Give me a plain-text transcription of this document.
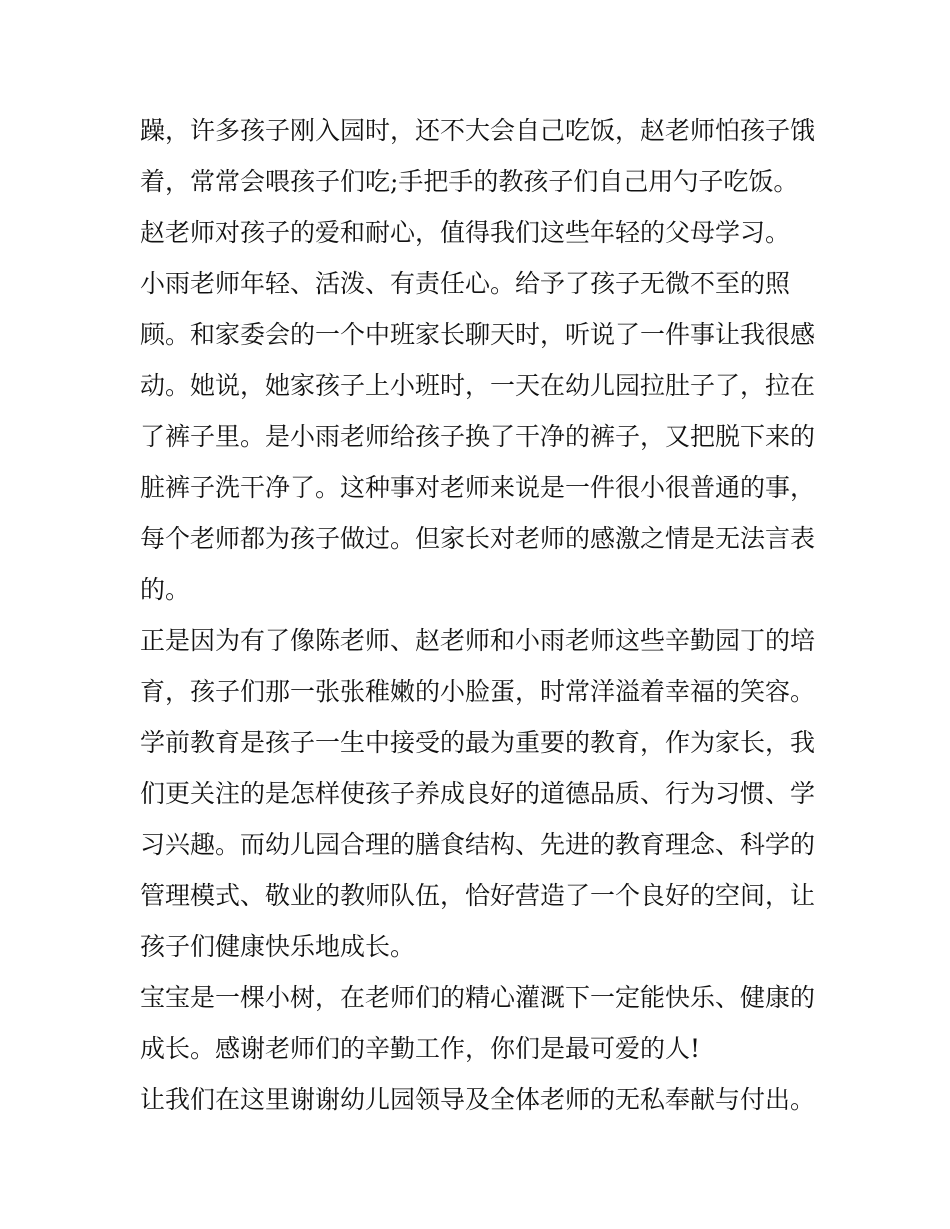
躁，许多孩子刚入园时，还不大会自己吃饭，赵老师怕孩子饿
着，常常会喂孩子们吃;手把手的教孩子们自己用勺子吃饭。
赵老师对孩子的爱和耐心，值得我们这些年轻的父母学习。
小雨老师年轻、活泼、有责任心。给予了孩子无微不至的照
顾。和家委会的一个中班家长聊天时，听说了一件事让我很感
动。她说，她家孩子上小班时，一天在幼儿园拉肚子了，拉在
了裤子里。是小雨老师给孩子换了干净的裤子，又把脱下来的
脏裤子洗干净了。这种事对老师来说是一件很小很普通的事，
每个老师都为孩子做过。但家长对老师的感激之情是无法言表
的。
正是因为有了像陈老师、赵老师和小雨老师这些辛勤园丁的培
育，孩子们那一张张稚嫩的小脸蛋，时常洋溢着幸福的笑容。
学前教育是孩子一生中接受的最为重要的教育，作为家长，我
们更关注的是怎样使孩子养成良好的道德品质、行为习惯、学
习兴趣。而幼儿园合理的膳食结构、先进的教育理念、科学的
管理模式、敬业的教师队伍，恰好营造了一个良好的空间，让
孩子们健康快乐地成长。
宝宝是一棵小树，在老师们的精心灌溉下一定能快乐、健康的
成长。感谢老师们的辛勤工作，你们是最可爱的人!
让我们在这里谢谢幼儿园领导及全体老师的无私奉献与付出。
